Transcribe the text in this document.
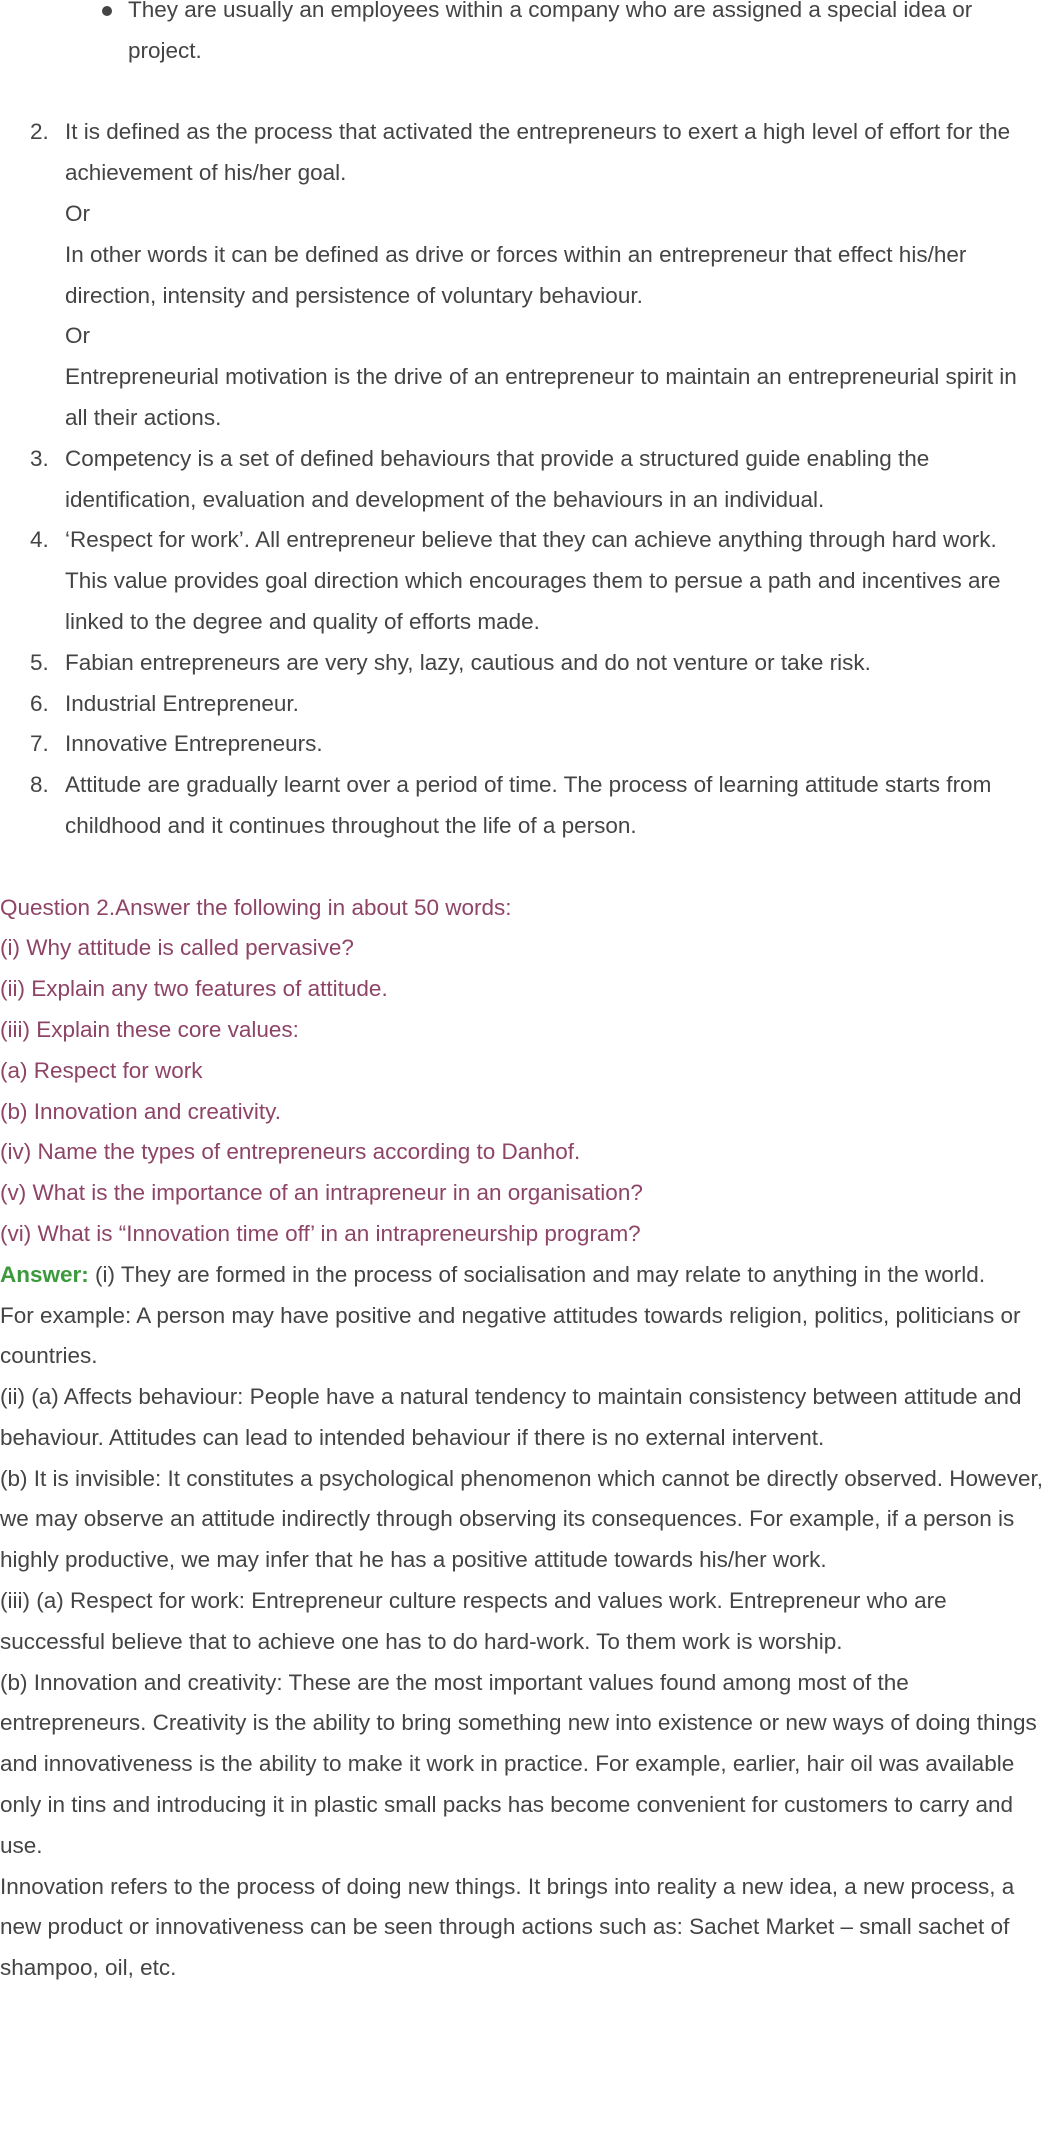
They are usually an employees within a company who are assigned a special idea or project.
2. It is defined as the process that activated the entrepreneurs to exert a high level of effort for the achievement of his/her goal.

Or

In other words it can be defined as drive or forces within an entrepreneur that effect his/her direction, intensity and persistence of voluntary behaviour.

Or

Entrepreneurial motivation is the drive of an entrepreneur to maintain an entrepreneurial spirit in all their actions.

3. Competency is a set of defined behaviours that provide a structured guide enabling the identification, evaluation and development of the behaviours in an individual.

4. ‘Respect for work’. All entrepreneur believe that they can achieve anything through hard work. This value provides goal direction which encourages them to persue a path and incentives are linked to the degree and quality of efforts made.

5. Fabian entrepreneurs are very shy, lazy, cautious and do not venture or take risk.

6. Industrial Entrepreneur.

7. Innovative Entrepreneurs.

8. Attitude are gradually learnt over a period of time. The process of learning attitude starts from childhood and it continues throughout the life of a person.

Question 2.Answer the following in about 50 words:

(i) Why attitude is called pervasive?

(ii) Explain any two features of attitude.

(iii) Explain these core values:

(a) Respect for work

(b) Innovation and creativity.

(iv) Name the types of entrepreneurs according to Danhof.

(v) What is the importance of an intrapreneur in an organisation?

(vi) What is “Innovation time off’ in an intrapreneurship program?

Answer: (i) They are formed in the process of socialisation and may relate to anything in the world.

For example: A person may have positive and negative attitudes towards religion, politics, politicians or countries.

(ii) (a) Affects behaviour: People have a natural tendency to maintain consistency between attitude and behaviour. Attitudes can lead to intended behaviour if there is no external intervent.

(b) It is invisible: It constitutes a psychological phenomenon which cannot be directly observed. However, we may observe an attitude indirectly through observing its consequences. For example, if a person is highly productive, we may infer that he has a positive attitude towards his/her work.

(iii) (a) Respect for work: Entrepreneur culture respects and values work. Entrepreneur who are successful believe that to achieve one has to do hard-work. To them work is worship.

(b) Innovation and creativity: These are the most important values found among most of the entrepreneurs. Creativity is the ability to bring something new into existence or new ways of doing things and innovativeness is the ability to make it work in practice. For example, earlier, hair oil was available only in tins and introducing it in plastic small packs has become convenient for customers to carry and use.

Innovation refers to the process of doing new things. It brings into reality a new idea, a new process, a new product or innovativeness can be seen through actions such as: Sachet Market – small sachet of shampoo, oil, etc.
